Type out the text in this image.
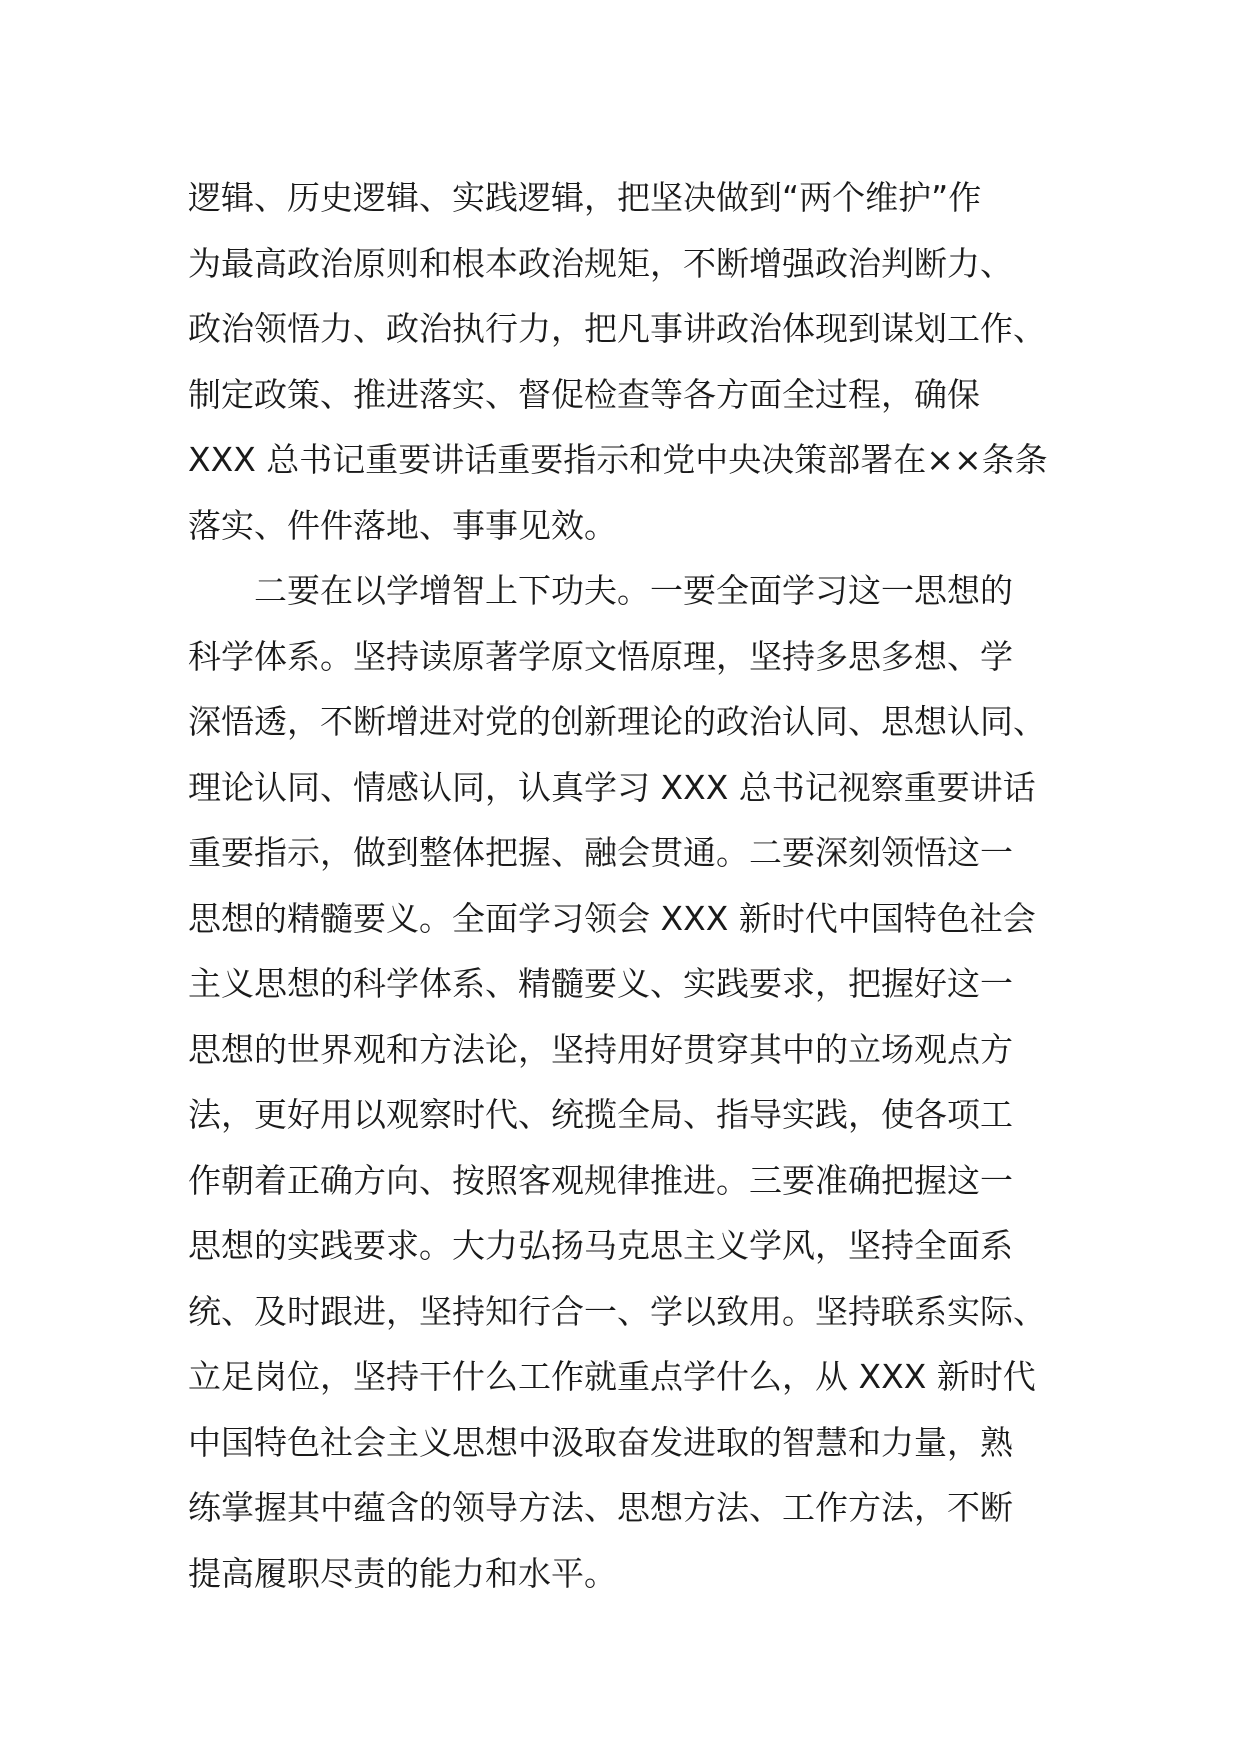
逻辑、历史逻辑、实践逻辑，把坚决做到“两个维护”作
为最高政治原则和根本政治规矩，不断增强政治判断力、
政治领悟力、政治执行力，把凡事讲政治体现到谋划工作、
制定政策、推进落实、督促检查等各方面全过程，确保
XXX 总书记重要讲话重要指示和党中央决策部署在××条条
落实、件件落地、事事见效。
二要在以学增智上下功夫。一要全面学习这一思想的
科学体系。坚持读原著学原文悟原理，坚持多思多想、学
深悟透，不断增进对党的创新理论的政治认同、思想认同、
理论认同、情感认同，认真学习 XXX 总书记视察重要讲话
重要指示，做到整体把握、融会贯通。二要深刻领悟这一
思想的精髓要义。全面学习领会 XXX 新时代中国特色社会
主义思想的科学体系、精髓要义、实践要求，把握好这一
思想的世界观和方法论，坚持用好贯穿其中的立场观点方
法，更好用以观察时代、统揽全局、指导实践，使各项工
作朝着正确方向、按照客观规律推进。三要准确把握这一
思想的实践要求。大力弘扬马克思主义学风，坚持全面系
统、及时跟进，坚持知行合一、学以致用。坚持联系实际、
立足岗位，坚持干什么工作就重点学什么，从 XXX 新时代
中国特色社会主义思想中汲取奋发进取的智慧和力量，熟
练掌握其中蕴含的领导方法、思想方法、工作方法，不断
提高履职尽责的能力和水平。
